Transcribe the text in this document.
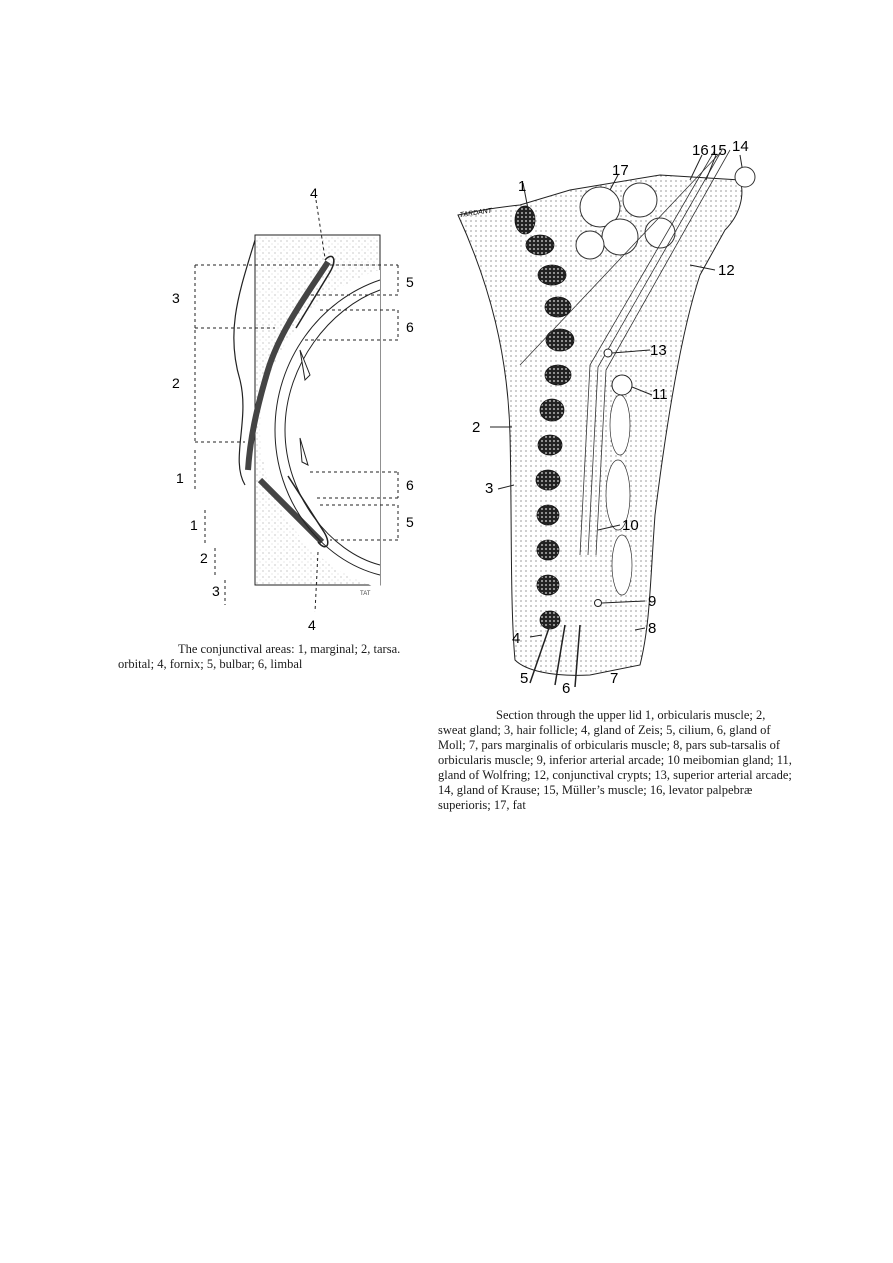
4
4
3
2
1
1
2
3
5
6
6
5
TAT
The conjunctival areas: 1, marginal; 2, tarsa.
orbital; 4, fornix; 5, bulbar; 6, limbal
TARDANT
1
2
3
4
5
6
7
8
9
10
11
12
13
14
15
16
17
Section through the upper lid 1, orbicularis muscle; 2, sweat gland; 3, hair follicle; 4, gland of Zeis; 5, cilium, 6, gland of Moll; 7, pars marginalis of orbicularis muscle; 8, pars sub-tarsalis of orbicularis muscle; 9, inferior arterial arcade; 10 meibomian gland; 11, gland of Wolfring; 12, conjunctival crypts; 13, superior arterial arcade; 14, gland of Krause; 15, Müller’s muscle; 16, levator palpebræ superioris; 17, fat
